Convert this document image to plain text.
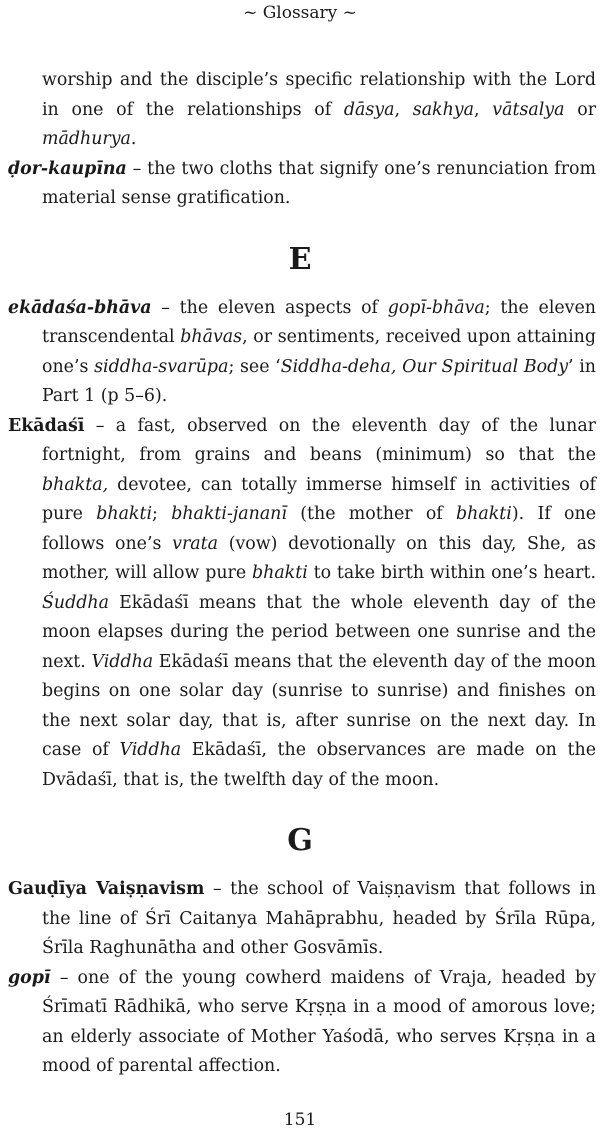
~ Glossary ~

worship and the disciple’s specific relationship with the Lord in one of the relationships of dāsya, sakhya, vātsalya or mādhurya.

ḍor-kaupīna – the two cloths that signify one’s renunciation from material sense gratification.

E

ekādaśa-bhāva – the eleven aspects of gopī-bhāva; the eleven transcendental bhāvas, or sentiments, received upon attaining one’s siddha-svarūpa; see ‘Siddha-deha, Our Spiritual Body’ in Part 1 (p 5–6).

Ekādaśī – a fast, observed on the eleventh day of the lunar fortnight, from grains and beans (minimum) so that the bhakta, devotee, can totally immerse himself in activities of pure bhakti; bhakti-jananī (the mother of bhakti). If one follows one’s vrata (vow) devotionally on this day, She, as mother, will allow pure bhakti to take birth within one’s heart. Śuddha Ekādaśī means that the whole eleventh day of the moon elapses during the period between one sunrise and the next. Viddha Ekādaśī means that the eleventh day of the moon begins on one solar day (sunrise to sunrise) and finishes on the next solar day, that is, after sunrise on the next day. In case of Viddha Ekādaśī, the observances are made on the Dvādaśī, that is, the twelfth day of the moon.

G

Gauḍīya Vaiṣṇavism – the school of Vaiṣṇavism that follows in the line of Śrī Caitanya Mahāprabhu, headed by Śrīla Rūpa, Śrīla Raghunātha and other Gosvāmīs.

gopī – one of the young cowherd maidens of Vraja, headed by Śrīmatī Rādhikā, who serve Kṛṣṇa in a mood of amorous love; an elderly associate of Mother Yaśodā, who serves Kṛṣṇa in a mood of parental affection.

151
